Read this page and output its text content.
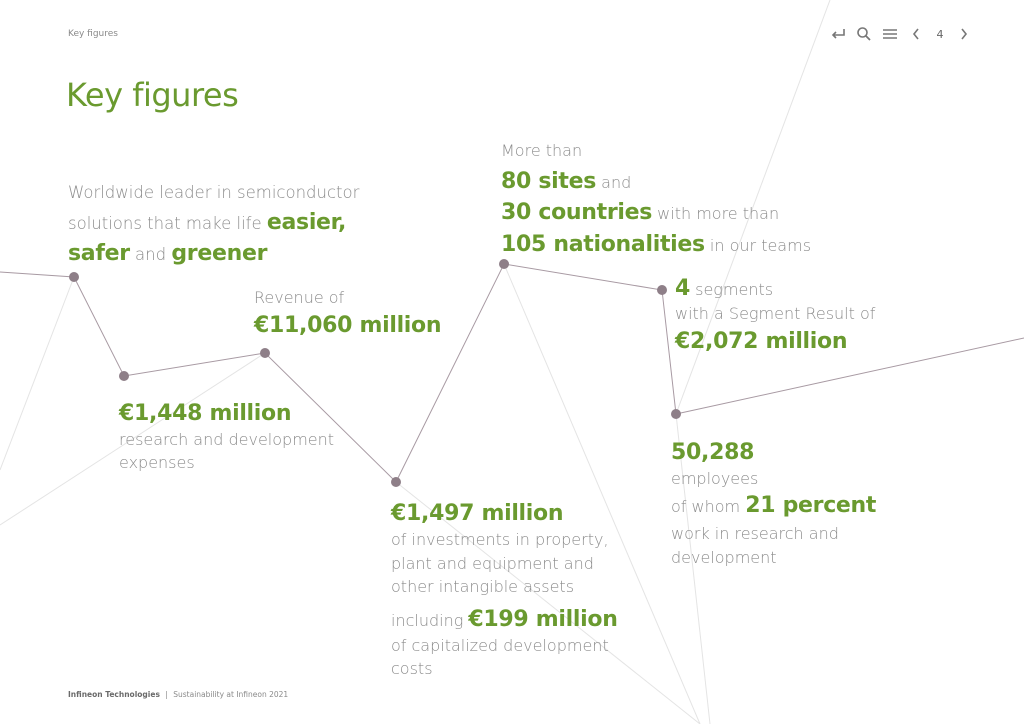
Key figures	4
Key figures
Worldwide leader in semiconductor
solutions that make life easier,
safer and greener
Revenue of
€11,060 million
€1,448 million
research and development
expenses
More than
80 sites and
30 countries with more than
105 nationalities in our teams
4 segments
with a Segment Result of
€2,072 million
€1,497 million
of investments in property,
plant and equipment and
other intangible assets
including €199 million
of capitalized development
costs
50,288
employees
of whom 21 percent
work in research and
development
Infineon Technologies | Sustainability at Infineon 2021
